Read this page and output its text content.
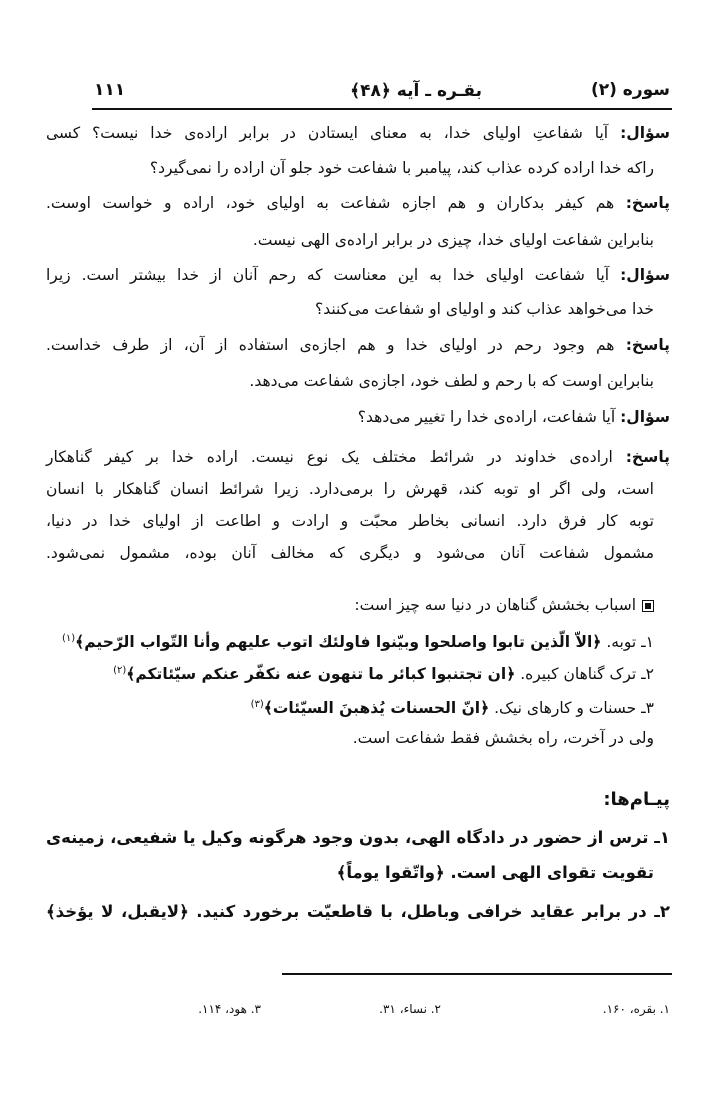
سوره (۲)
بقـره ـ آیه ﴿۴۸﴾
۱۱۱
سؤال: آیا شفاعتِ اولیای خدا، به معنای ایستادن در برابر اراده‌ی خدا نیست؟ کسی
راکه خدا اراده کرده عذاب کند، پیامبر با شفاعت خود جلو آن اراده را نمی‌گیرد؟
پاسخ: هم کیفر بدکاران و هم اجازه شفاعت به اولیای خود، اراده و خواست اوست.
بنابراین شفاعت اولیای خدا، چیزی در برابر اراده‌ی الهی نیست.
سؤال: آیا شفاعت اولیای خدا به این معناست که رحم آنان از خدا بیشتر است. زیرا
خدا می‌خواهد عذاب کند و اولیای او شفاعت می‌کنند؟
پاسخ: هم وجود رحم در اولیای خدا و هم اجازه‌ی استفاده از آن، از طرف خداست.
بنابراین اوست که با رحم و لطف خود، اجازه‌ی شفاعت می‌دهد.
سؤال: آیا شفاعت، اراده‌ی خدا را تغییر می‌دهد؟
پاسخ: اراده‌ی خداوند در شرائط مختلف یک نوع نیست. اراده خدا بر کیفر گناهکار
است، ولی اگر او توبه کند، قهرش را برمی‌دارد. زیرا شرائط انسان گناهکار با انسان
توبه کار فرق دارد. انسانی بخاطر محبّت و ارادت و اطاعت از اولیای خدا در دنیا،
مشمول شفاعت آنان می‌شود و دیگری که مخالف آنان بوده، مشمول نمی‌شود.
اسباب بخشش گناهان در دنیا سه چیز است:
۱ـ توبه. ﴿الاّ الّذین تابوا واصلحوا وبیّنوا فاولئك اتوب علیهم وأنا التّواب الرّحیم﴾$^{(۱)}$
۲ـ ترک گناهان کبیره. ﴿ان تجتنبوا کبائر ما تنهون عنه نکفّر عنکم سیّئاتکم﴾$^{(۲)}$
۳ـ حسنات و کارهای نیک. ﴿انّ الحسنات یُذهبنَ السیّئات﴾$^{(۳)}$
ولی در آخرت، راه بخشش فقط شفاعت است.
پیـام‌ها:
۱ـ ترس از حضور در دادگاه الهی، بدون وجود هرگونه وکیل یا شفیعی، زمینه‌ی
تقویت تقوای الهی است. ﴿واتّقوا یوماً﴾
۲ـ در برابر عقاید خرافی وباطل، با قاطعیّت برخورد کنید. ﴿لایقبل، لا یؤخذ﴾
۱. بقره، ۱۶۰.
۲. نساء، ۳۱.
۳. هود، ۱۱۴.
